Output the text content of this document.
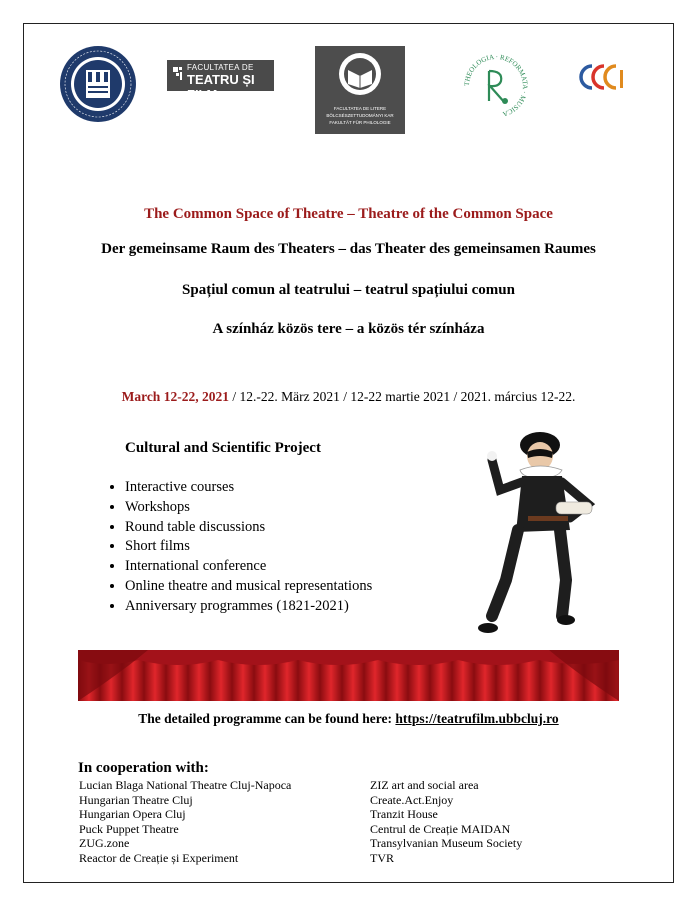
FACULTATEA DE
TEATRU ȘI FILM
FACULTATEA DE LITERE
BÖLCSÉSZETTUDOMÁNYI KAR
FAKULTÄT FÜR PHILOLOGIE
THEOLOGIA · REFORMATA · MUSICA
The Common Space of Theatre – Theatre of the Common Space
Der gemeinsame Raum des Theaters – das Theater des gemeinsamen Raumes
Spațiul comun al teatrului – teatrul spațiului comun
A színház közös tere – a közös tér színháza
March 12-22, 2021 / 12.-22. März 2021 / 12-22 martie 2021 / 2021. március 12-22.
Cultural and Scientific Project
• Interactive courses
• Workshops
• Round table discussions
• Short films
• International conference
• Online theatre and musical representations
• Anniversary programmes (1821-2021)
The detailed programme can be found here: https://teatrufilm.ubbcluj.ro
In cooperation with:
Lucian Blaga National Theatre Cluj-Napoca
Hungarian Theatre Cluj
Hungarian Opera Cluj
Puck Puppet Theatre
ZUG.zone
Reactor de Creație și Experiment
ZIZ art and social area
Create.Act.Enjoy
Tranzit House
Centrul de Creație MAIDAN
Transylvanian Museum Society
TVR
